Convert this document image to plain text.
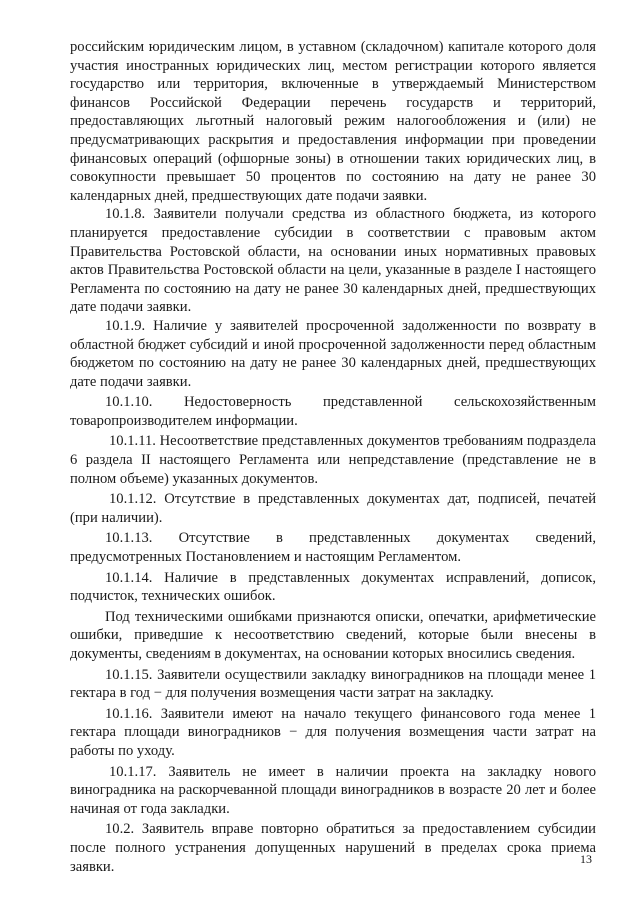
российским юридическим лицом, в уставном (складочном) капитале которого доля участия иностранных юридических лиц, местом регистрации которого является государство или территория, включенные в утверждаемый Министерством финансов Российской Федерации перечень государств и территорий, предоставляющих льготный налоговый режим налогообложения и (или) не предусматривающих раскрытия и предоставления информации при проведении финансовых операций (офшорные зоны) в отношении таких юридических лиц, в совокупности превышает 50 процентов по состоянию на дату не ранее 30 календарных дней, предшествующих дате подачи заявки.

10.1.8. Заявители получали средства из областного бюджета, из которого планируется предоставление субсидии в соответствии с правовым актом Правительства Ростовской области, на основании иных нормативных правовых актов Правительства Ростовской области на цели, указанные в разделе I настоящего Регламента по состоянию на дату не ранее 30 календарных дней, предшествующих дате подачи заявки.

10.1.9. Наличие у заявителей просроченной задолженности по возврату в областной бюджет субсидий и иной просроченной задолженности перед областным бюджетом по состоянию на дату не ранее 30 календарных дней, предшествующих дате подачи заявки.

10.1.10. Недостоверность представленной сельскохозяйственным товаропроизводителем информации.

10.1.11. Несоответствие представленных документов требованиям подраздела 6 раздела II настоящего Регламента или непредставление (представление не в полном объеме) указанных документов.

10.1.12. Отсутствие в представленных документах дат, подписей, печатей (при наличии).

10.1.13. Отсутствие в представленных документах сведений, предусмотренных Постановлением и настоящим Регламентом.

10.1.14. Наличие в представленных документах исправлений, дописок, подчисток, технических ошибок.

Под техническими ошибками признаются описки, опечатки, арифметические ошибки, приведшие к несоответствию сведений, которые были внесены в документы, сведениям в документах, на основании которых вносились сведения.

10.1.15. Заявители осуществили закладку виноградников на площади менее 1 гектара в год − для получения возмещения части затрат на закладку.

10.1.16. Заявители имеют на начало текущего финансового года менее 1 гектара площади виноградников − для получения возмещения части затрат на работы по уходу.

10.1.17. Заявитель не имеет в наличии проекта на закладку нового виноградника на раскорчеванной площади виноградников в возрасте 20 лет и более начиная от года закладки.

10.2. Заявитель вправе повторно обратиться за предоставлением субсидии после полного устранения допущенных нарушений в пределах срока приема заявки.	13
